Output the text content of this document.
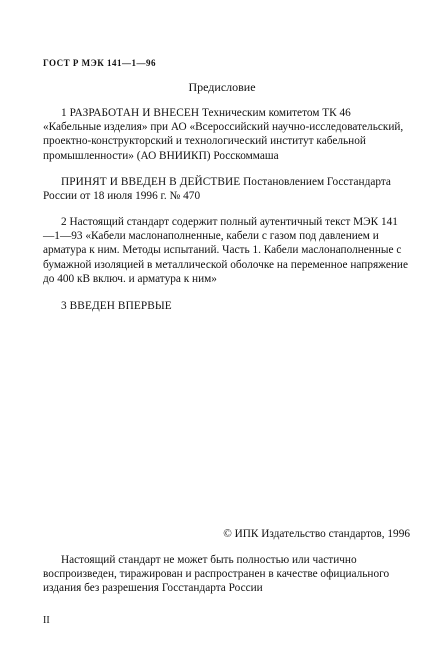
ГОСТ Р МЭК 141—1—96
Предисловие

1 РАЗРАБОТАН И ВНЕСЕН Техническим комитетом ТК 46 «Кабельные изделия» при АО «Всероссийский научно-исследовательский, проектно-конструкторский и технологический институт кабельной промышленности» (АО ВНИИКП) Росскоммаша

ПРИНЯТ И ВВЕДЕН В ДЕЙСТВИЕ Постановлением Госстандарта России от 18 июля 1996 г. № 470

2 Настоящий стандарт содержит полный аутентичный текст МЭК 141—1—93 «Кабели маслонаполненные, кабели с газом под давлением и арматура к ним. Методы испытаний. Часть 1. Кабели маслонаполненные с бумажной изоляцией в металлической оболочке на переменное напряжение до 400 кВ включ. и арматура к ним»

3 ВВЕДЕН ВПЕРВЫЕ

© ИПК Издательство стандартов, 1996

Настоящий стандарт не может быть полностью или частично воспроизведен, тиражирован и распространен в качестве официального издания без разрешения Госстандарта России

II
